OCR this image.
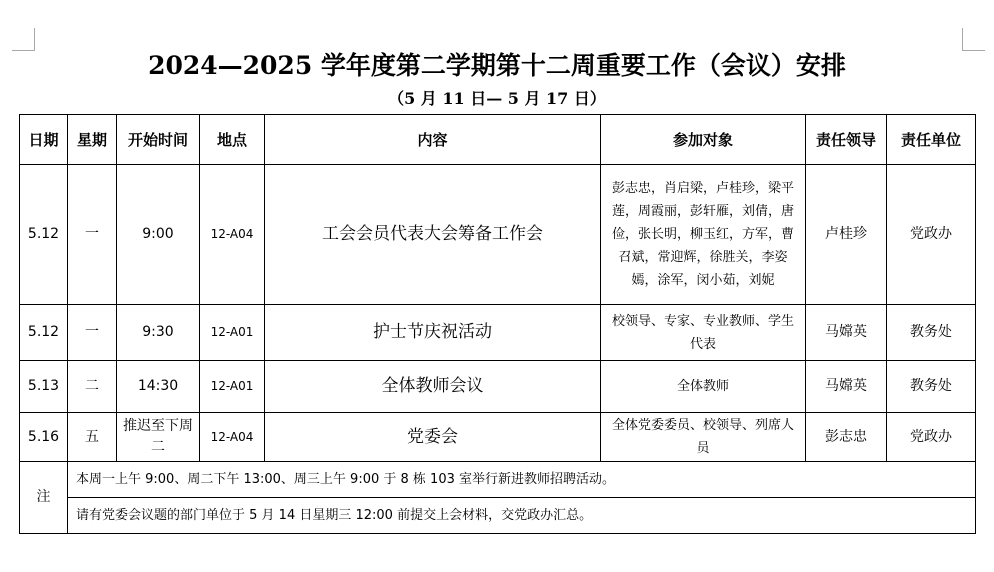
2024—2025 学年度第二学期第十二周重要工作（会议）安排
（5 月 11 日— 5 月 17 日）
日期	星期	开始时间	地点	内容	参加对象	责任领导	责任单位
5.12	一	9:00	12-A04	工会会员代表大会筹备工作会	彭志忠，肖启梁，卢桂珍，梁平莲，周霞丽，彭轩雁，刘倩，唐俭，张长明，柳玉红，方军，曹召斌，常迎辉，徐胜关，李姿嫣，涂军，闵小茹，刘妮	卢桂珍	党政办
5.12	一	9:30	12-A01	护士节庆祝活动	校领导、专家、专业教师、学生代表	马嫦英	教务处
5.13	二	14:30	12-A01	全体教师会议	全体教师	马嫦英	教务处
5.16	五	推迟至下周二	12-A04	党委会	全体党委委员、校领导、列席人员	彭志忠	党政办
注	本周一上午 9:00、周二下午 13:00、周三上午 9:00 于 8 栋 103 室举行新进教师招聘活动。						
	请有党委会议题的部门单位于 5 月 14 日星期三 12:00 前提交上会材料，交党政办汇总。						
